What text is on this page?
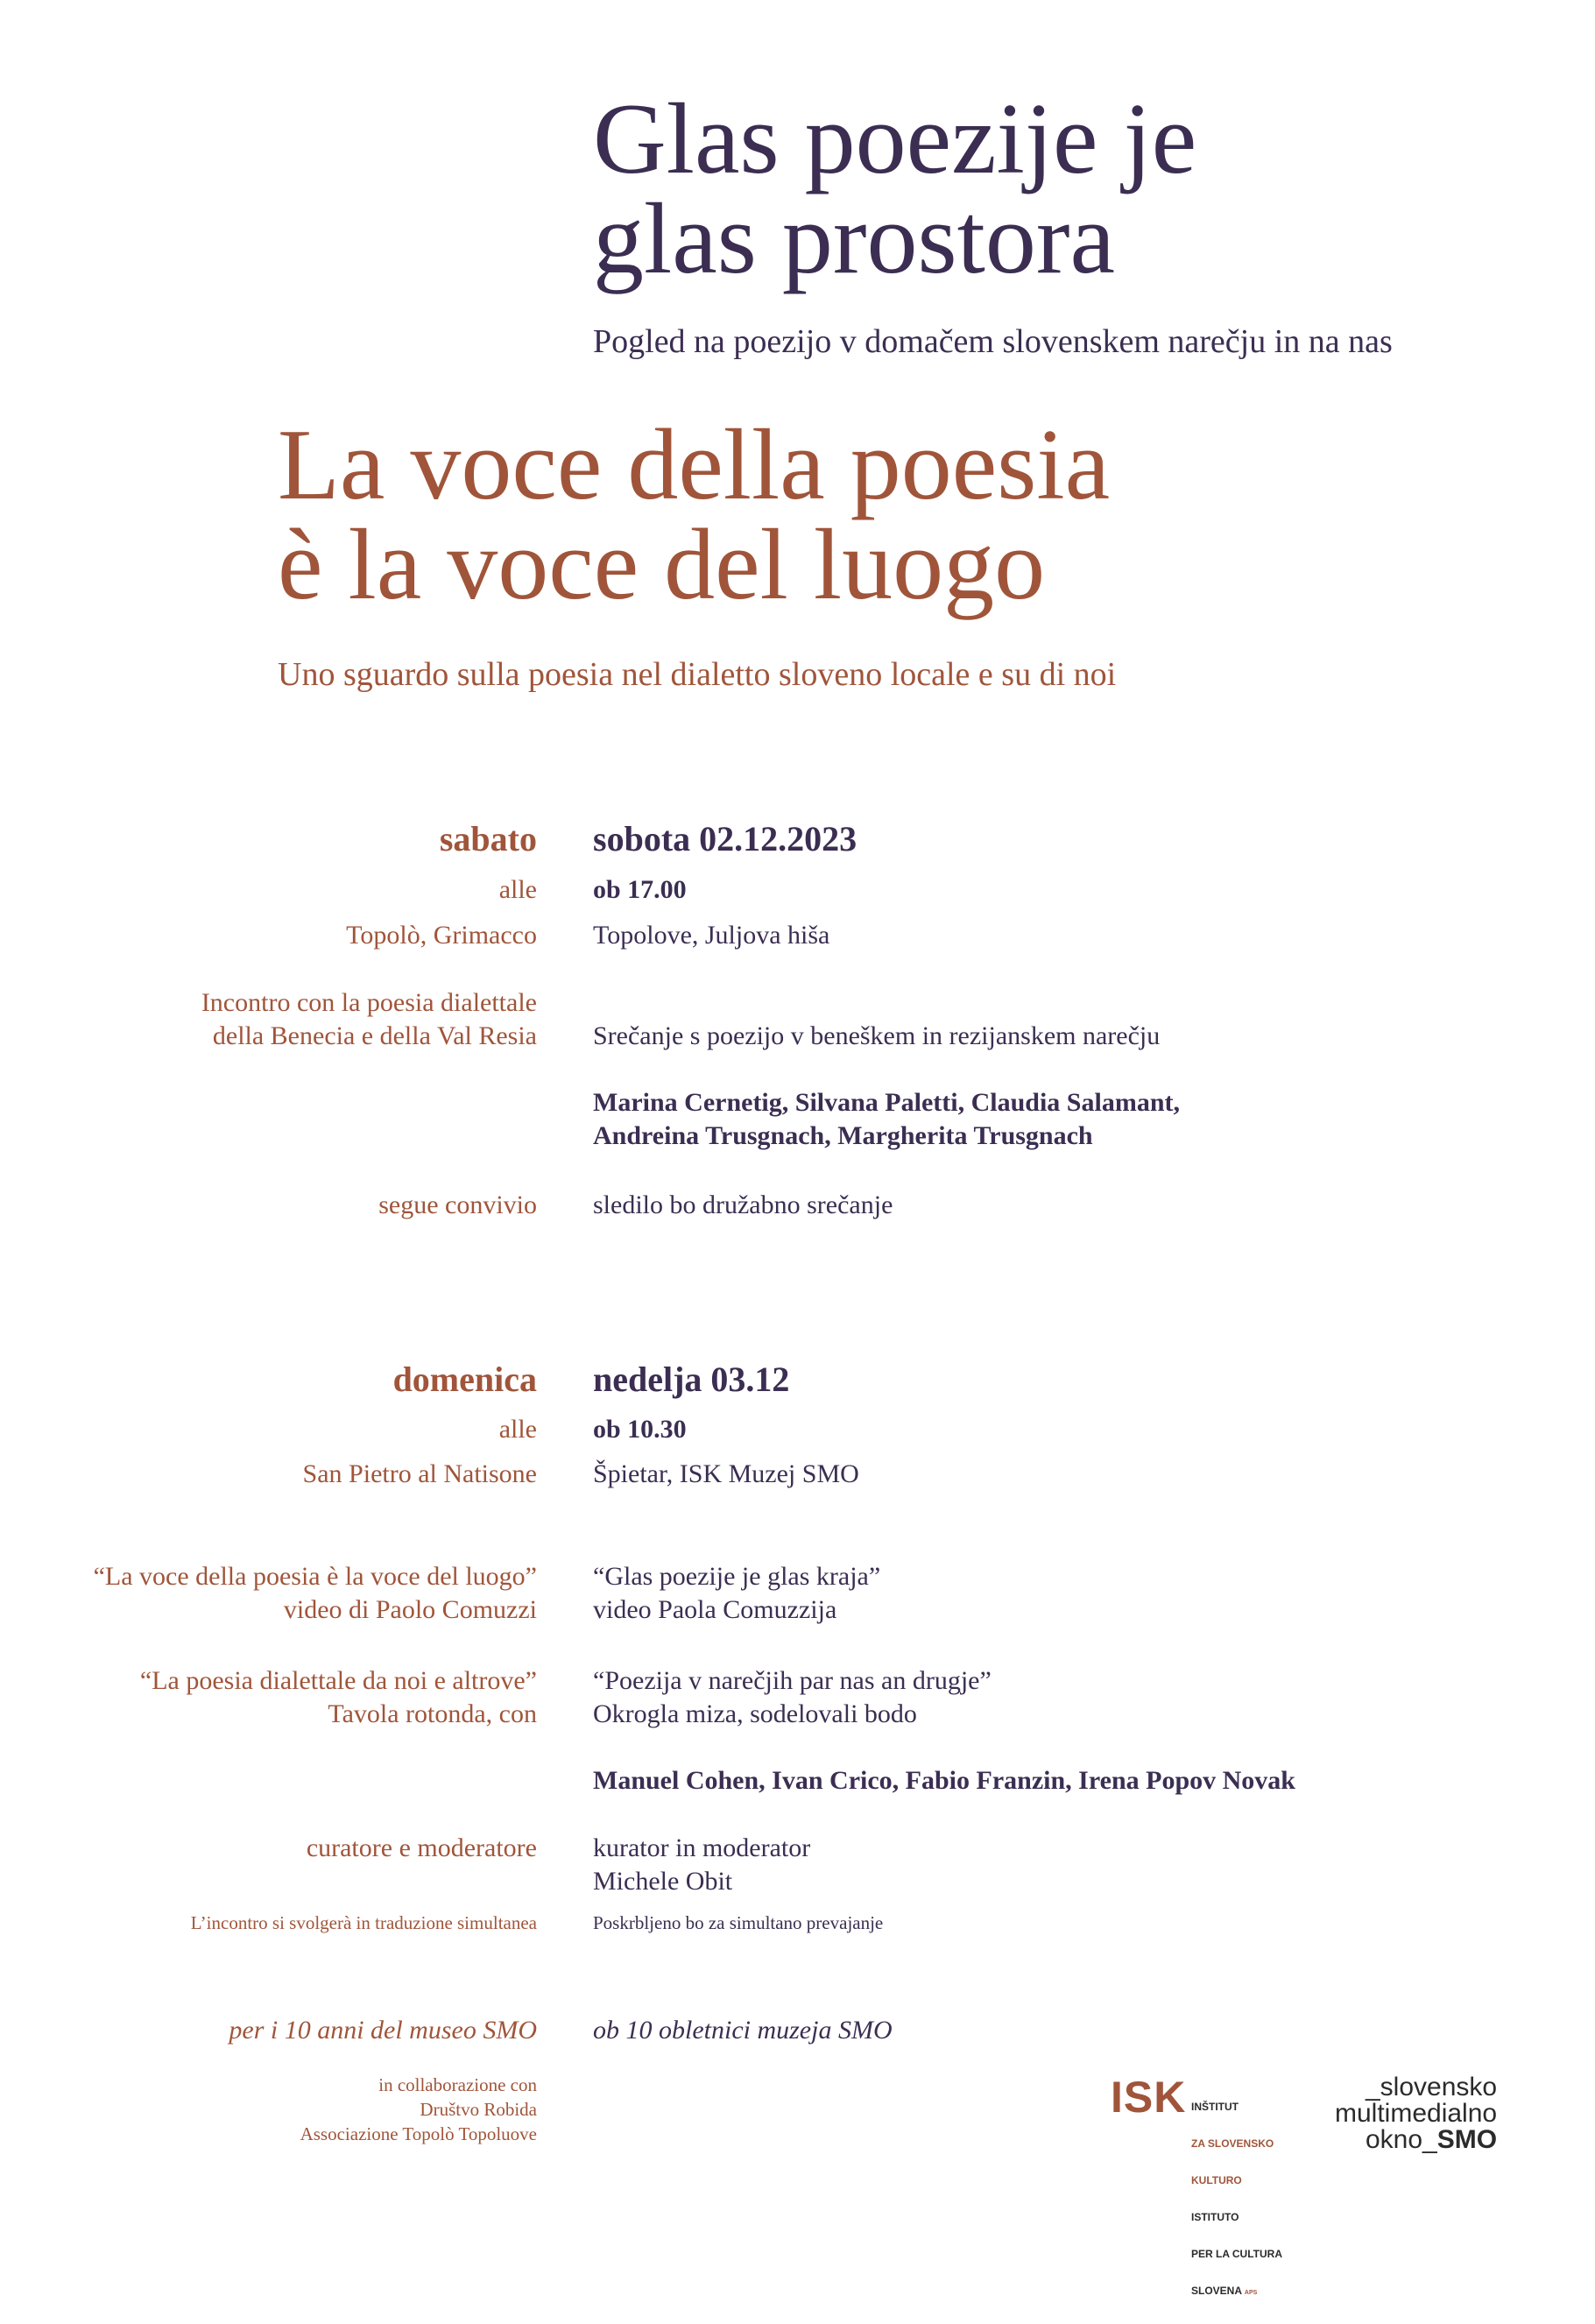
Glas poezije je
glas prostora
Pogled na poezijo v domačem slovenskem narečju in na nas
La voce della poesia
è la voce del luogo
Uno sguardo sulla poesia nel dialetto sloveno locale e su di noi
sabato sobota 02.12.2023
alle ob 17.00
Topolò, Grimacco Topolove, Juljova hiša
Incontro con la poesia dialettale
della Benecia e della Val Resia Srečanje s poezijo v beneškem in rezijanskem narečju
Marina Cernetig, Silvana Paletti, Claudia Salamant,
Andreina Trusgnach, Margherita Trusgnach
segue convivio sledilo bo družabno srečanje
domenica nedelja 03.12
alle ob 10.30
San Pietro al Natisone Špietar, ISK Muzej SMO
“La voce della poesia è la voce del luogo”
video di Paolo Comuzzi
“Glas poezije je glas kraja”
video Paola Comuzzija
“La poesia dialettale da noi e altrove”
Tavola rotonda, con
“Poezija v narečjih par nas an drugje”
Okrogla miza, sodelovali bodo
Manuel Cohen, Ivan Crico, Fabio Franzin, Irena Popov Novak
curatore e moderatore kurator in moderator
Michele Obit
L’incontro si svolgerà in traduzione simultanea	Poskrbljeno bo za simultano prevajanje
per i 10 anni del museo SMO ob 10 obletnici muzeja SMO
in collaborazione con
Društvo Robida
Associazione Topolò Topoluove
ISK

INŠTITUT

ZA SLOVENSKO

KULTURO

ISTITUTO

PER LA CULTURA

SLOVENA APS

_slovensko
multimedialno
okno_SMO
